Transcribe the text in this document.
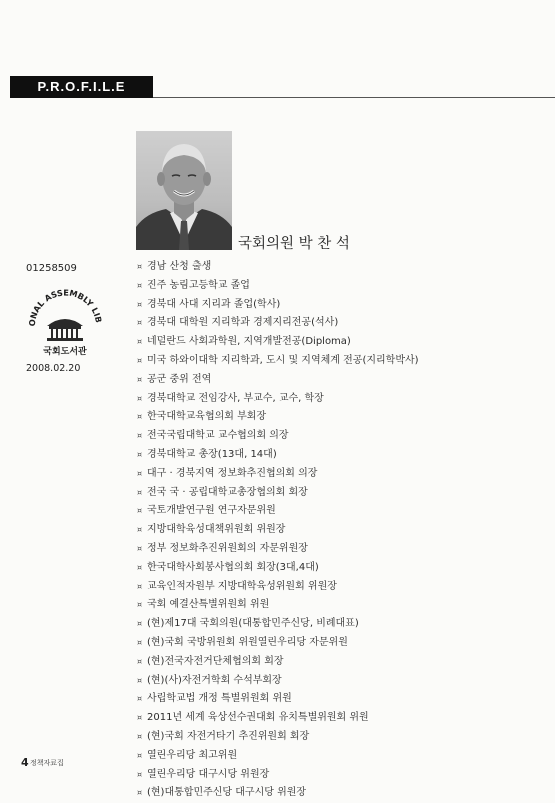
P.R.O.F.I.L.E
국회의원 박 찬 석
01258509
ONAL ASSEMBLY LIB
국회도서관
2008.02.20
¤ 경남 산청 출생
¤ 진주 농림고등학교 졸업
¤ 경북대 사대 지리과 졸업(학사)
¤ 경북대 대학원 지리학과 경제지리전공(석사)
¤ 네덜란드 사회과학원, 지역개발전공(Diploma)
¤ 미국 하와이대학 지리학과, 도시 및 지역체계 전공(지리학박사)
¤ 공군 중위 전역
¤ 경북대학교 전임강사, 부교수, 교수, 학장
¤ 한국대학교육협의회 부회장
¤ 전국국립대학교 교수협의회 의장
¤ 경북대학교 총장(13대, 14대)
¤ 대구 · 경북지역 정보화추진협의회 의장
¤ 전국 국 · 공립대학교총장협의회 회장
¤ 국토개발연구원 연구자문위원
¤ 지방대학육성대책위원회 위원장
¤ 정부 정보화추진위원회의 자문위원장
¤ 한국대학사회봉사협의회 회장(3대,4대)
¤ 교육인적자원부 지방대학육성위원회 위원장
¤ 국회 예결산특별위원회 위원
¤ (현)제17대 국회의원(대통합민주신당, 비례대표)
¤ (현)국회 국방위원회 위원열린우리당 자문위원
¤ (현)전국자전거단체협의회 회장
¤ (현)(사)자전거학회 수석부회장
¤ 사립학교법 개정 특별위원회 위원
¤ 2011년 세계 육상선수권대회 유치특별위원회 위원
¤ (현)국회 자전거타기 추진위원회 회장
¤ 열린우리당 최고위원
¤ 열린우리당 대구시당 위원장
¤ (현)대통합민주신당 대구시당 위원장
4 정책자료집
